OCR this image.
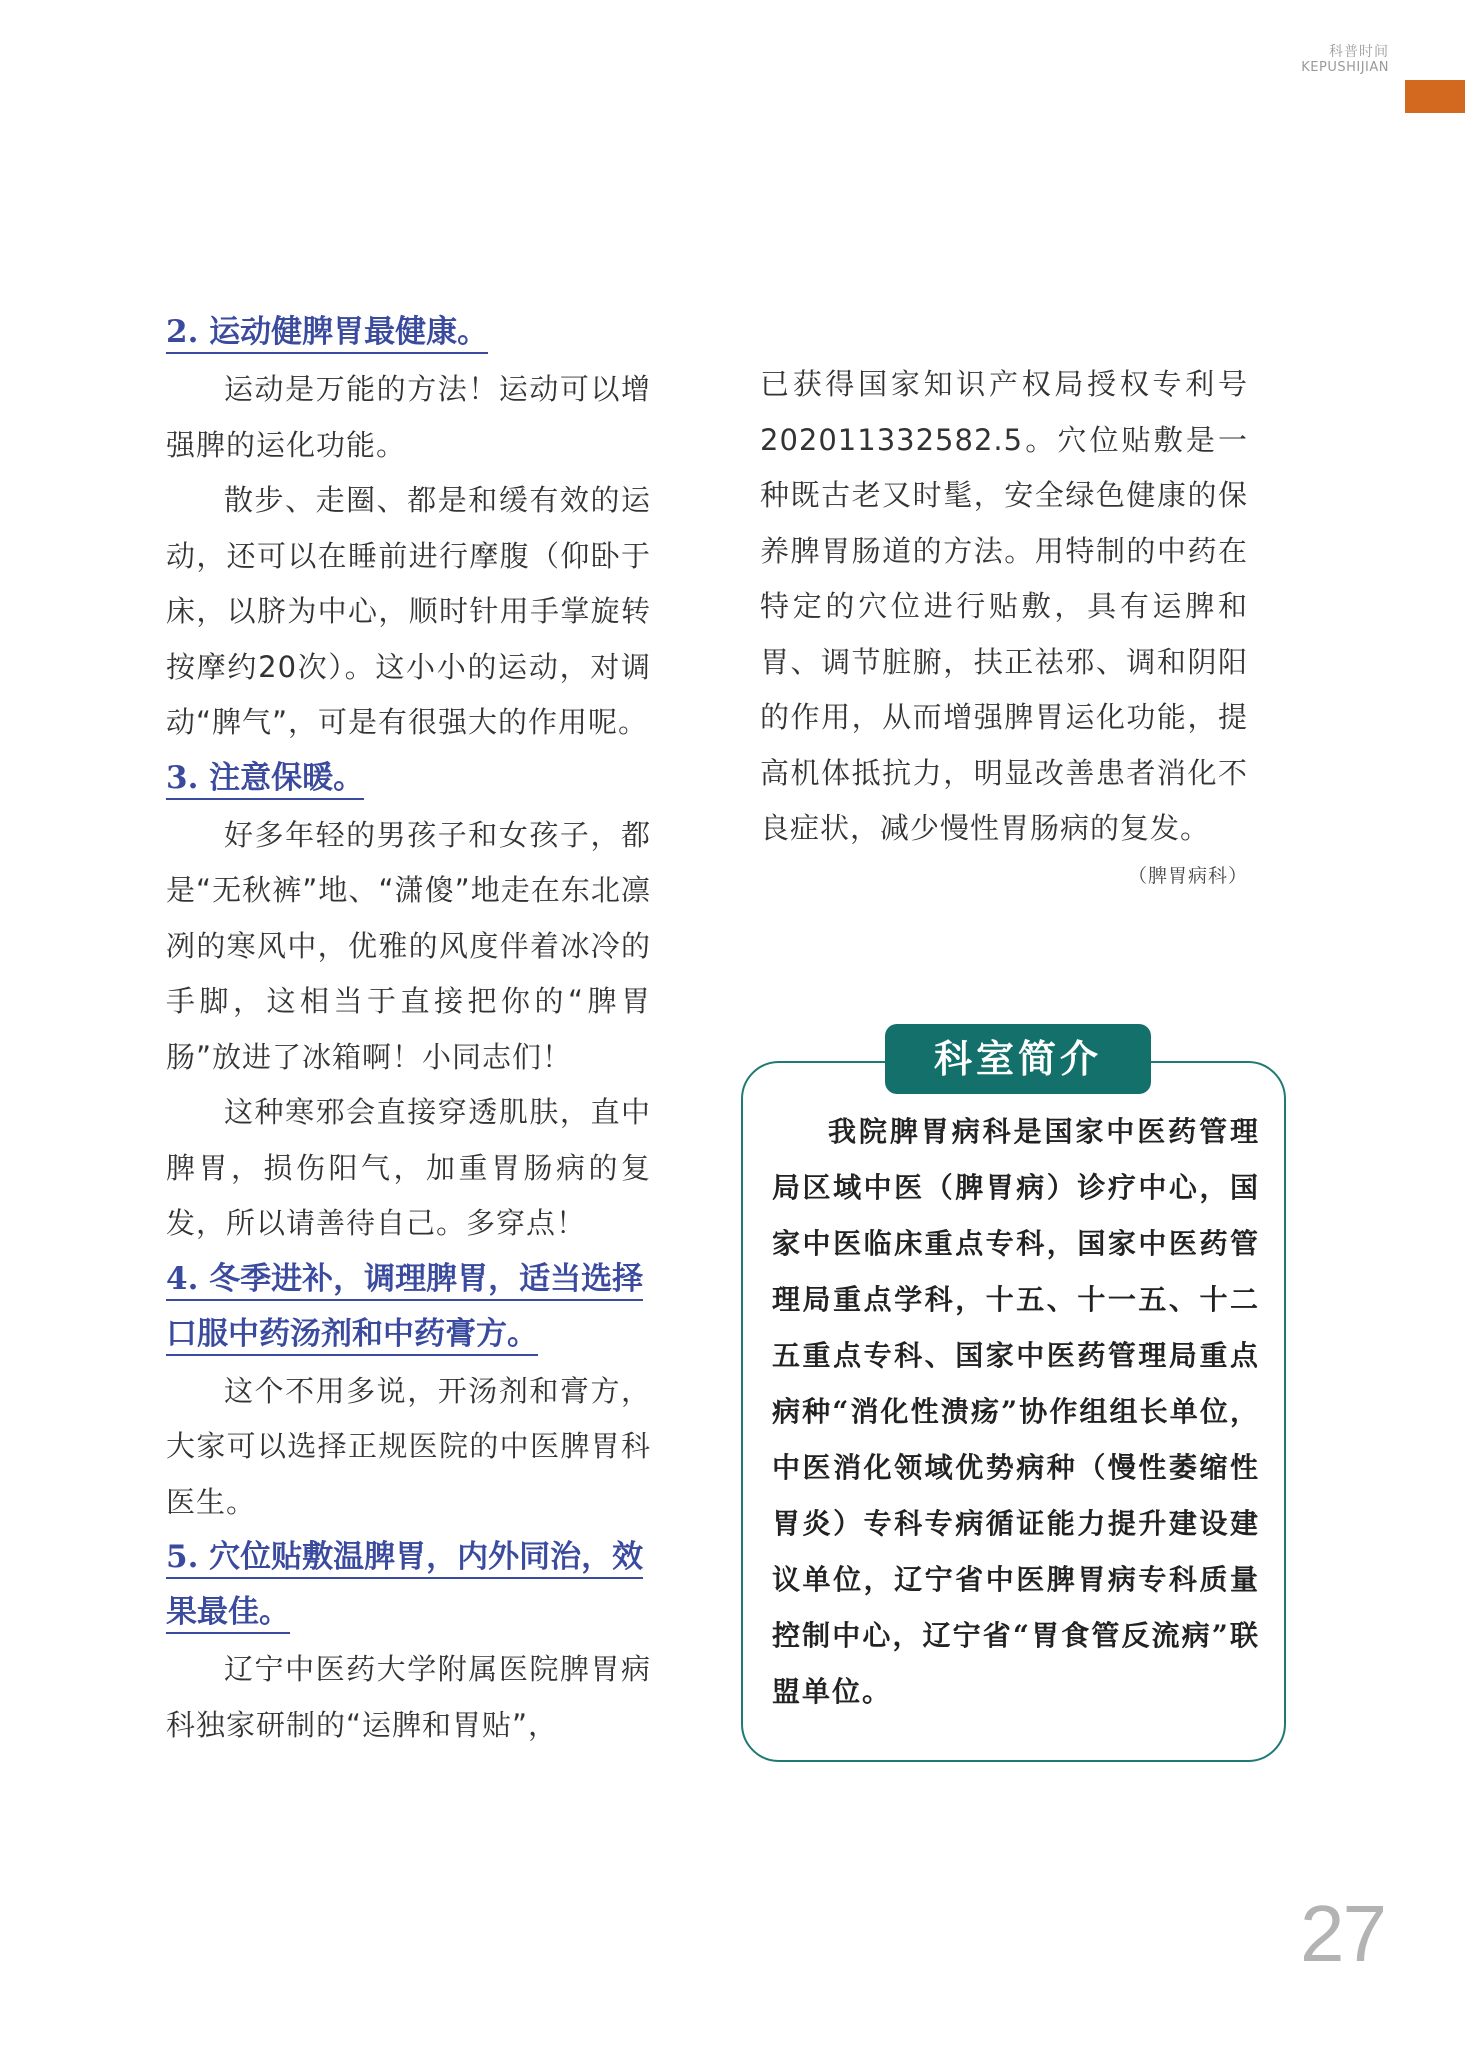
科普时间
KEPUSHIJIAN
2. 运动健脾胃最健康。

运动是万能的方法！运动可以增强脾的运化功能。

散步、走圈、都是和缓有效的运动，还可以在睡前进行摩腹（仰卧于床，以脐为中心，顺时针用手掌旋转按摩约20次）。这小小的运动，对调动“脾气”，可是有很强大的作用呢。

3. 注意保暖。

好多年轻的男孩子和女孩子，都是“无秋裤”地、“潇傻”地走在东北凛冽的寒风中，优雅的风度伴着冰冷的手脚，这相当于直接把你的“脾胃肠”放进了冰箱啊！小同志们！

这种寒邪会直接穿透肌肤，直中脾胃，损伤阳气，加重胃肠病的复发，所以请善待自己。多穿点！

4. 冬季进补，调理脾胃，适当选择口服中药汤剂和中药膏方。

这个不用多说，开汤剂和膏方，大家可以选择正规医院的中医脾胃科医生。

5. 穴位贴敷温脾胃，内外同治，效果最佳。

辽宁中医药大学附属医院脾胃病科独家研制的“运脾和胃贴”，

已获得国家知识产权局授权专利号202011332582.5。穴位贴敷是一种既古老又时髦，安全绿色健康的保养脾胃肠道的方法。用特制的中药在特定的穴位进行贴敷，具有运脾和胃、调节脏腑，扶正祛邪、调和阴阳的作用，从而增强脾胃运化功能，提高机体抵抗力，明显改善患者消化不良症状，减少慢性胃肠病的复发。

（脾胃病科）
科室简介

我院脾胃病科是国家中医药管理局区域中医（脾胃病）诊疗中心，国家中医临床重点专科，国家中医药管理局重点学科，十五、十一五、十二五重点专科、国家中医药管理局重点病种“消化性溃疡”协作组组长单位，中医消化领域优势病种（慢性萎缩性胃炎）专科专病循证能力提升建设建议单位，辽宁省中医脾胃病专科质量控制中心，辽宁省“胃食管反流病”联盟单位。

27
